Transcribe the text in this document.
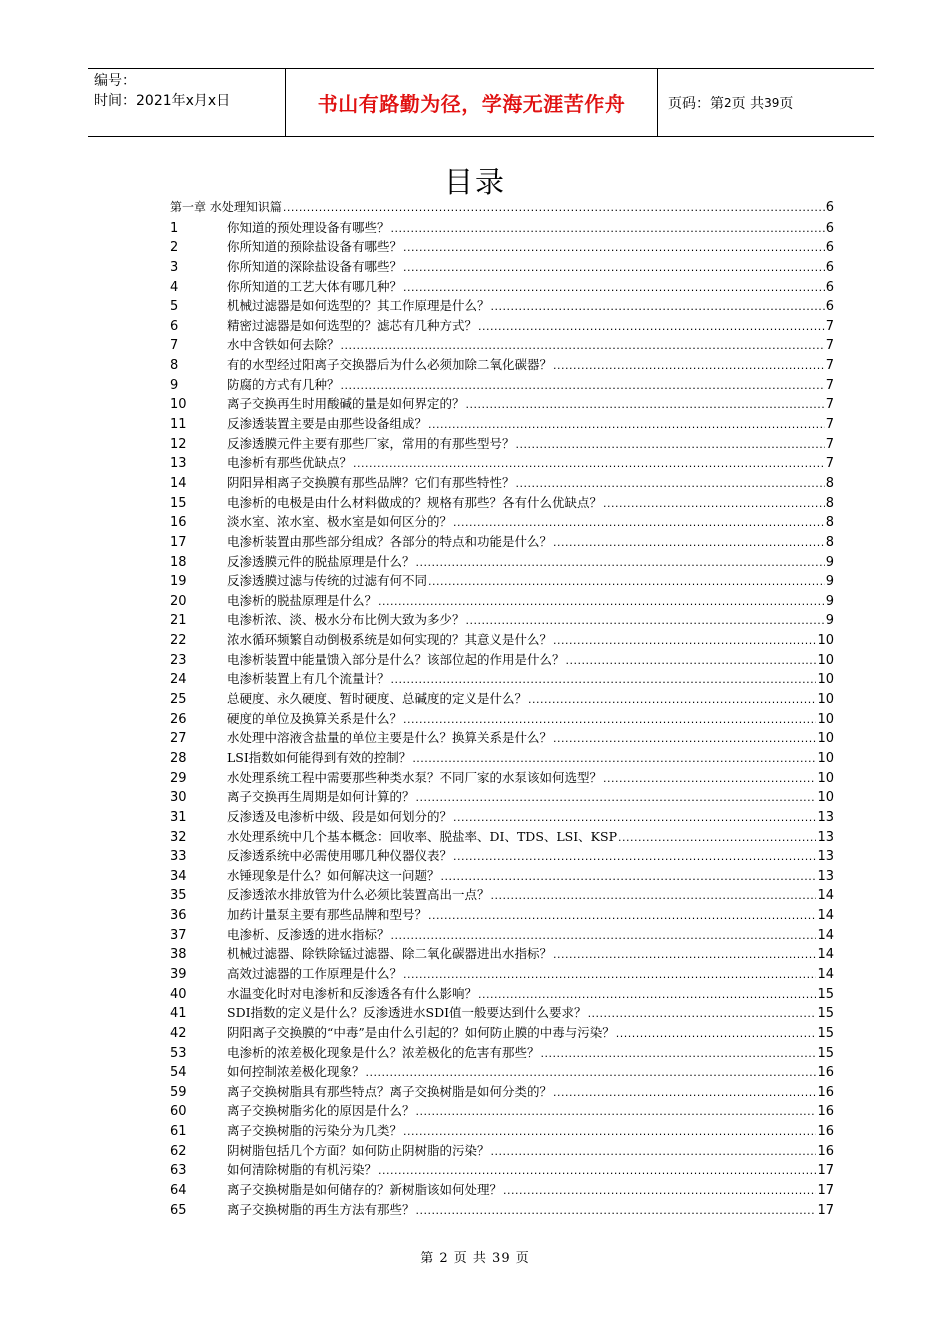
编号：
时间：2021年x月x日	书山有路勤为径，学海无涯苦作舟	页码：第 2 页 共 39 页
目录
第一章 水处理知识篇 .....	6
1	你知道的预处理设备有哪些？ .....	6
2	你所知道的预除盐设备有哪些？ .....	6
3	你所知道的深除盐设备有哪些？ .....	6
4	你所知道的工艺大体有哪几种？ .....	6
5	机械过滤器是如何选型的？其工作原理是什么？ .....	6
6	精密过滤器是如何选型的？滤芯有几种方式？ .....	7
7	水中含铁如何去除？ .....	7
8	有的水型经过阳离子交换器后为什么必须加除二氧化碳器？ .....	7
9	防腐的方式有几种？ .....	7
10	离子交换再生时用酸碱的量是如何界定的？ .....	7
11	反渗透装置主要是由那些设备组成？ .....	7
12	反渗透膜元件主要有那些厂家，常用的有那些型号？ .....	7
13	电渗析有那些优缺点？ .....	7
14	阴阳异相离子交换膜有那些品牌？它们有那些特性？ .....	8
15	电渗析的电极是由什么材料做成的？规格有那些？各有什么优缺点？ .....	8
16	淡水室、浓水室、极水室是如何区分的？ .....	8
17	电渗析装置由那些部分组成？各部分的特点和功能是什么？ .....	8
18	反渗透膜元件的脱盐原理是什么？ .....	9
19	反渗透膜过滤与传统的过滤有何不同 .....	9
20	电渗析的脱盐原理是什么？ .....	9
21	电渗析浓、淡、极水分布比例大致为多少？ .....	9
22	浓水循环频繁自动倒极系统是如何实现的？其意义是什么？ .....	10
23	电渗析装置中能量馈入部分是什么？该部位起的作用是什么？ .....	10
24	电渗析装置上有几个流量计？ .....	10
25	总硬度、永久硬度、暂时硬度、总碱度的定义是什么？ .....	10
26	硬度的单位及换算关系是什么？ .....	10
27	水处理中溶液含盐量的单位主要是什么？换算关系是什么？ .....	10
28	LSI指数如何能得到有效的控制？ .....	10
29	水处理系统工程中需要那些种类水泵？不同厂家的水泵该如何选型？ .....	10
30	离子交换再生周期是如何计算的？ .....	10
31	反渗透及电渗析中级、段是如何划分的？ .....	13
32	水处理系统中几个基本概念：回收率、脱盐率、DI、TDS、LSI、KSP .....	13
33	反渗透系统中必需使用哪几种仪器仪表？ .....	13
34	水锤现象是什么？如何解决这一问题？ .....	13
35	反渗透浓水排放管为什么必须比装置高出一点？ .....	14
36	加药计量泵主要有那些品牌和型号？ .....	14
37	电渗析、反渗透的进水指标？ .....	14
38	机械过滤器、除铁除锰过滤器、除二氧化碳器进出水指标？ .....	14
39	高效过滤器的工作原理是什么？ .....	14
40	水温变化时对电渗析和反渗透各有什么影响？ .....	15
41	SDI指数的定义是什么？反渗透进水SDI值一般要达到什么要求？ .....	15
42	阴阳离子交换膜的“中毒”是由什么引起的？如何防止膜的中毒与污染？ .....	15
53	电渗析的浓差极化现象是什么？浓差极化的危害有那些？ .....	15
54	如何控制浓差极化现象？ .....	16
59	离子交换树脂具有那些特点？离子交换树脂是如何分类的？ .....	16
60	离子交换树脂劣化的原因是什么？ .....	16
61	离子交换树脂的污染分为几类？ .....	16
62	阴树脂包括几个方面？如何防止阴树脂的污染？ .....	16
63	如何清除树脂的有机污染？ .....	17
64	离子交换树脂是如何储存的？新树脂该如何处理？ .....	17
65	离子交换树脂的再生方法有那些？ .....	17
第 2 页 共 39 页
